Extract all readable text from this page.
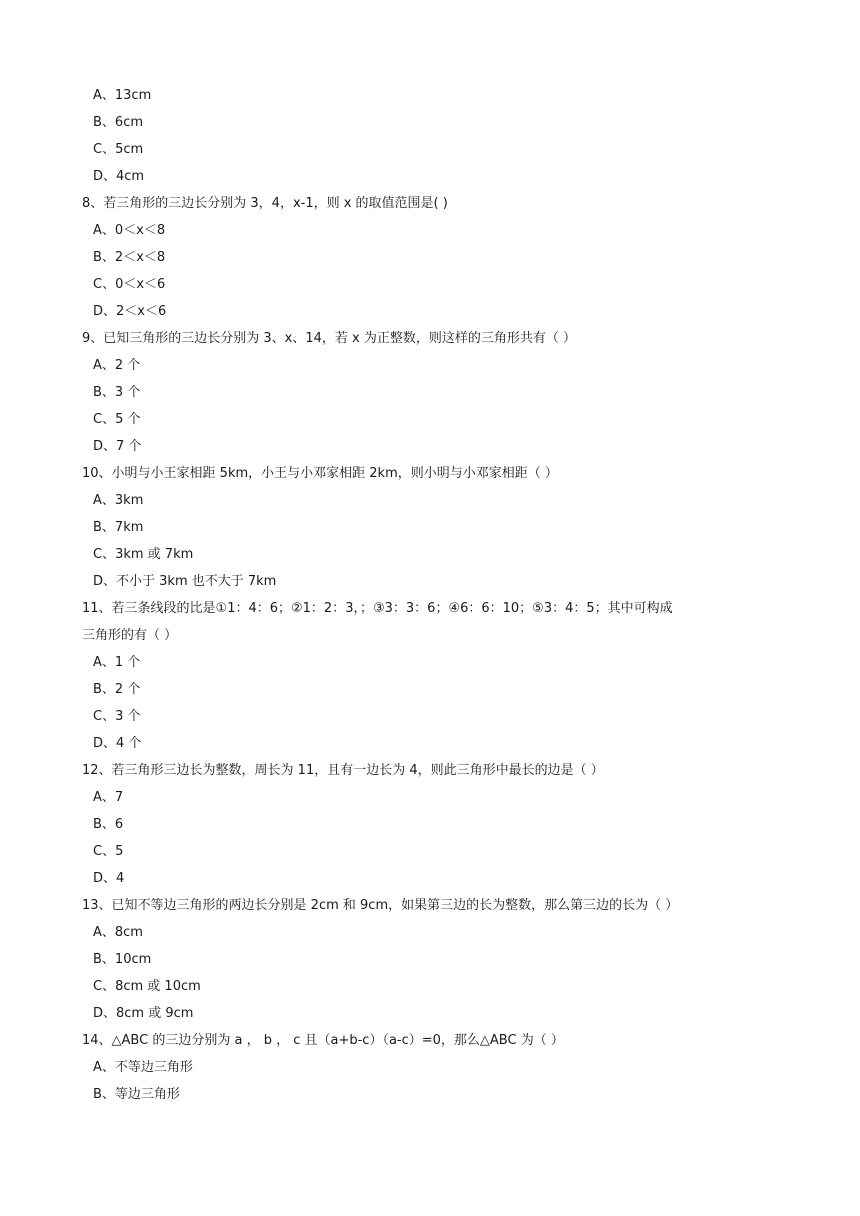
A、13cm
B、6cm
C、5cm
D、4cm
8、若三角形的三边长分别为 3，4，x-1，则 x 的取值范围是( )
A、0＜x＜8
B、2＜x＜8
C、0＜x＜6
D、2＜x＜6
9、已知三角形的三边长分别为 3、x、14，若 x 为正整数，则这样的三角形共有（ ）
A、2 个
B、3 个
C、5 个
D、7 个
10、小明与小王家相距 5km，小王与小邓家相距 2km，则小明与小邓家相距（ ）
A、3km
B、7km
C、3km 或 7km
D、不小于 3km 也不大于 7km
11、若三条线段的比是①1：4：6；②1：2：3，；③3：3：6；④6：6：10；⑤3：4：5；其中可构成
三角形的有（ ）
A、1 个
B、2 个
C、3 个
D、4 个
12、若三角形三边长为整数，周长为 11，且有一边长为 4，则此三角形中最长的边是（ ）
A、7
B、6
C、5
D、4
13、已知不等边三角形的两边长分别是 2cm 和 9cm，如果第三边的长为整数，那么第三边的长为（ ）
A、8cm
B、10cm
C、8cm 或 10cm
D、8cm 或 9cm
14、△ABC 的三边分别为 a ， b ， c 且（a+b-c）（a-c）=0，那么△ABC 为（ ）
A、不等边三角形
B、等边三角形
